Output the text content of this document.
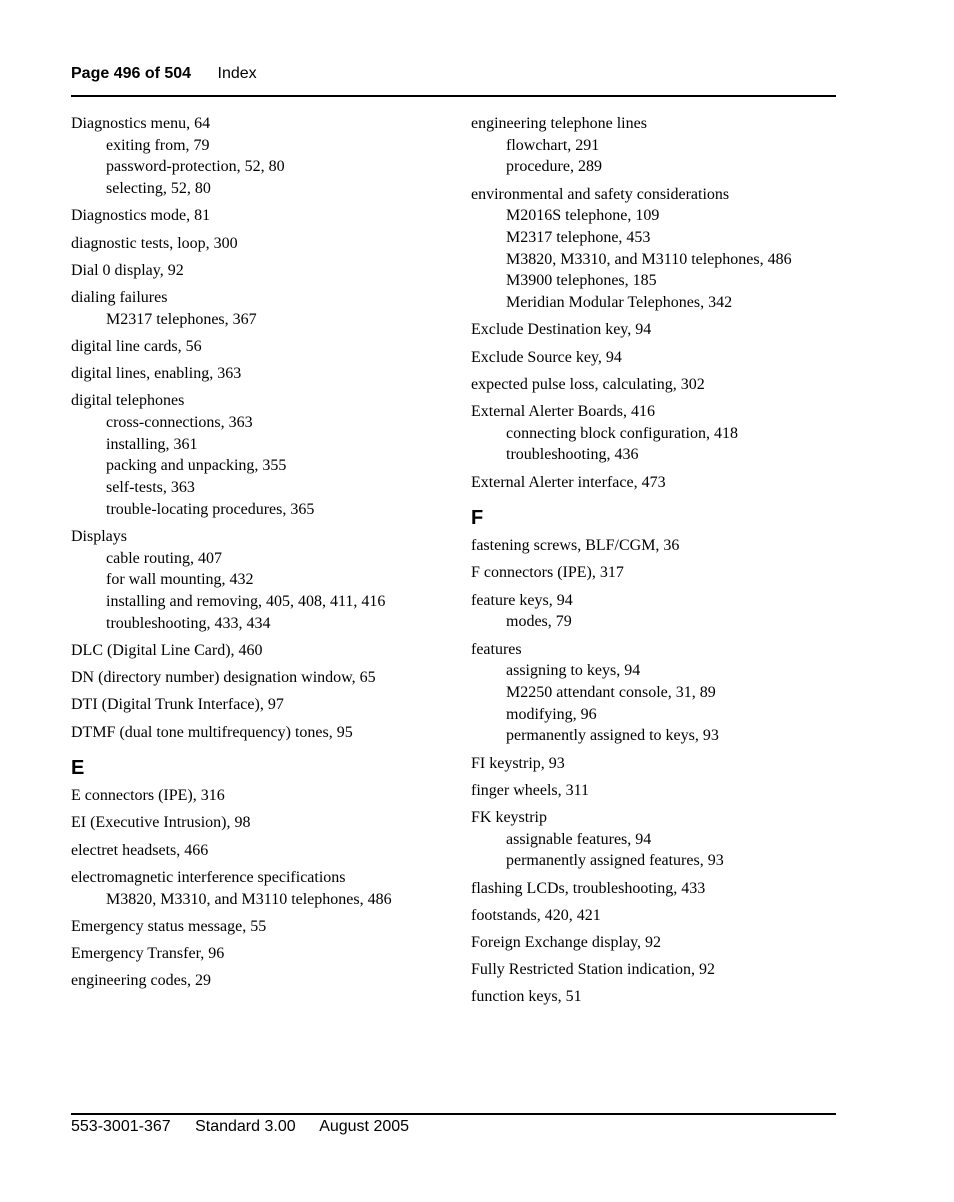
Page 496 of 504 Index
Diagnostics menu, 64
exiting from, 79
password-protection, 52, 80
selecting, 52, 80
Diagnostics mode, 81
diagnostic tests, loop, 300
Dial 0 display, 92
dialing failures
M2317 telephones, 367
digital line cards, 56
digital lines, enabling, 363
digital telephones
cross-connections, 363
installing, 361
packing and unpacking, 355
self-tests, 363
trouble-locating procedures, 365
Displays
cable routing, 407
for wall mounting, 432
installing and removing, 405, 408, 411, 416
troubleshooting, 433, 434
DLC (Digital Line Card), 460
DN (directory number) designation window, 65
DTI (Digital Trunk Interface), 97
DTMF (dual tone multifrequency) tones, 95
E
E connectors (IPE), 316
EI (Executive Intrusion), 98
electret headsets, 466
electromagnetic interference specifications
M3820, M3310, and M3110 telephones, 486
Emergency status message, 55
Emergency Transfer, 96
engineering codes, 29
engineering telephone lines
flowchart, 291
procedure, 289
environmental and safety considerations
M2016S telephone, 109
M2317 telephone, 453
M3820, M3310, and M3110 telephones, 486
M3900 telephones, 185
Meridian Modular Telephones, 342
Exclude Destination key, 94
Exclude Source key, 94
expected pulse loss, calculating, 302
External Alerter Boards, 416
connecting block configuration, 418
troubleshooting, 436
External Alerter interface, 473
F
fastening screws, BLF/CGM, 36
F connectors (IPE), 317
feature keys, 94
modes, 79
features
assigning to keys, 94
M2250 attendant console, 31, 89
modifying, 96
permanently assigned to keys, 93
FI keystrip, 93
finger wheels, 311
FK keystrip
assignable features, 94
permanently assigned features, 93
flashing LCDs, troubleshooting, 433
footstands, 420, 421
Foreign Exchange display, 92
Fully Restricted Station indication, 92
function keys, 51
553-3001-367 Standard 3.00 August 2005
